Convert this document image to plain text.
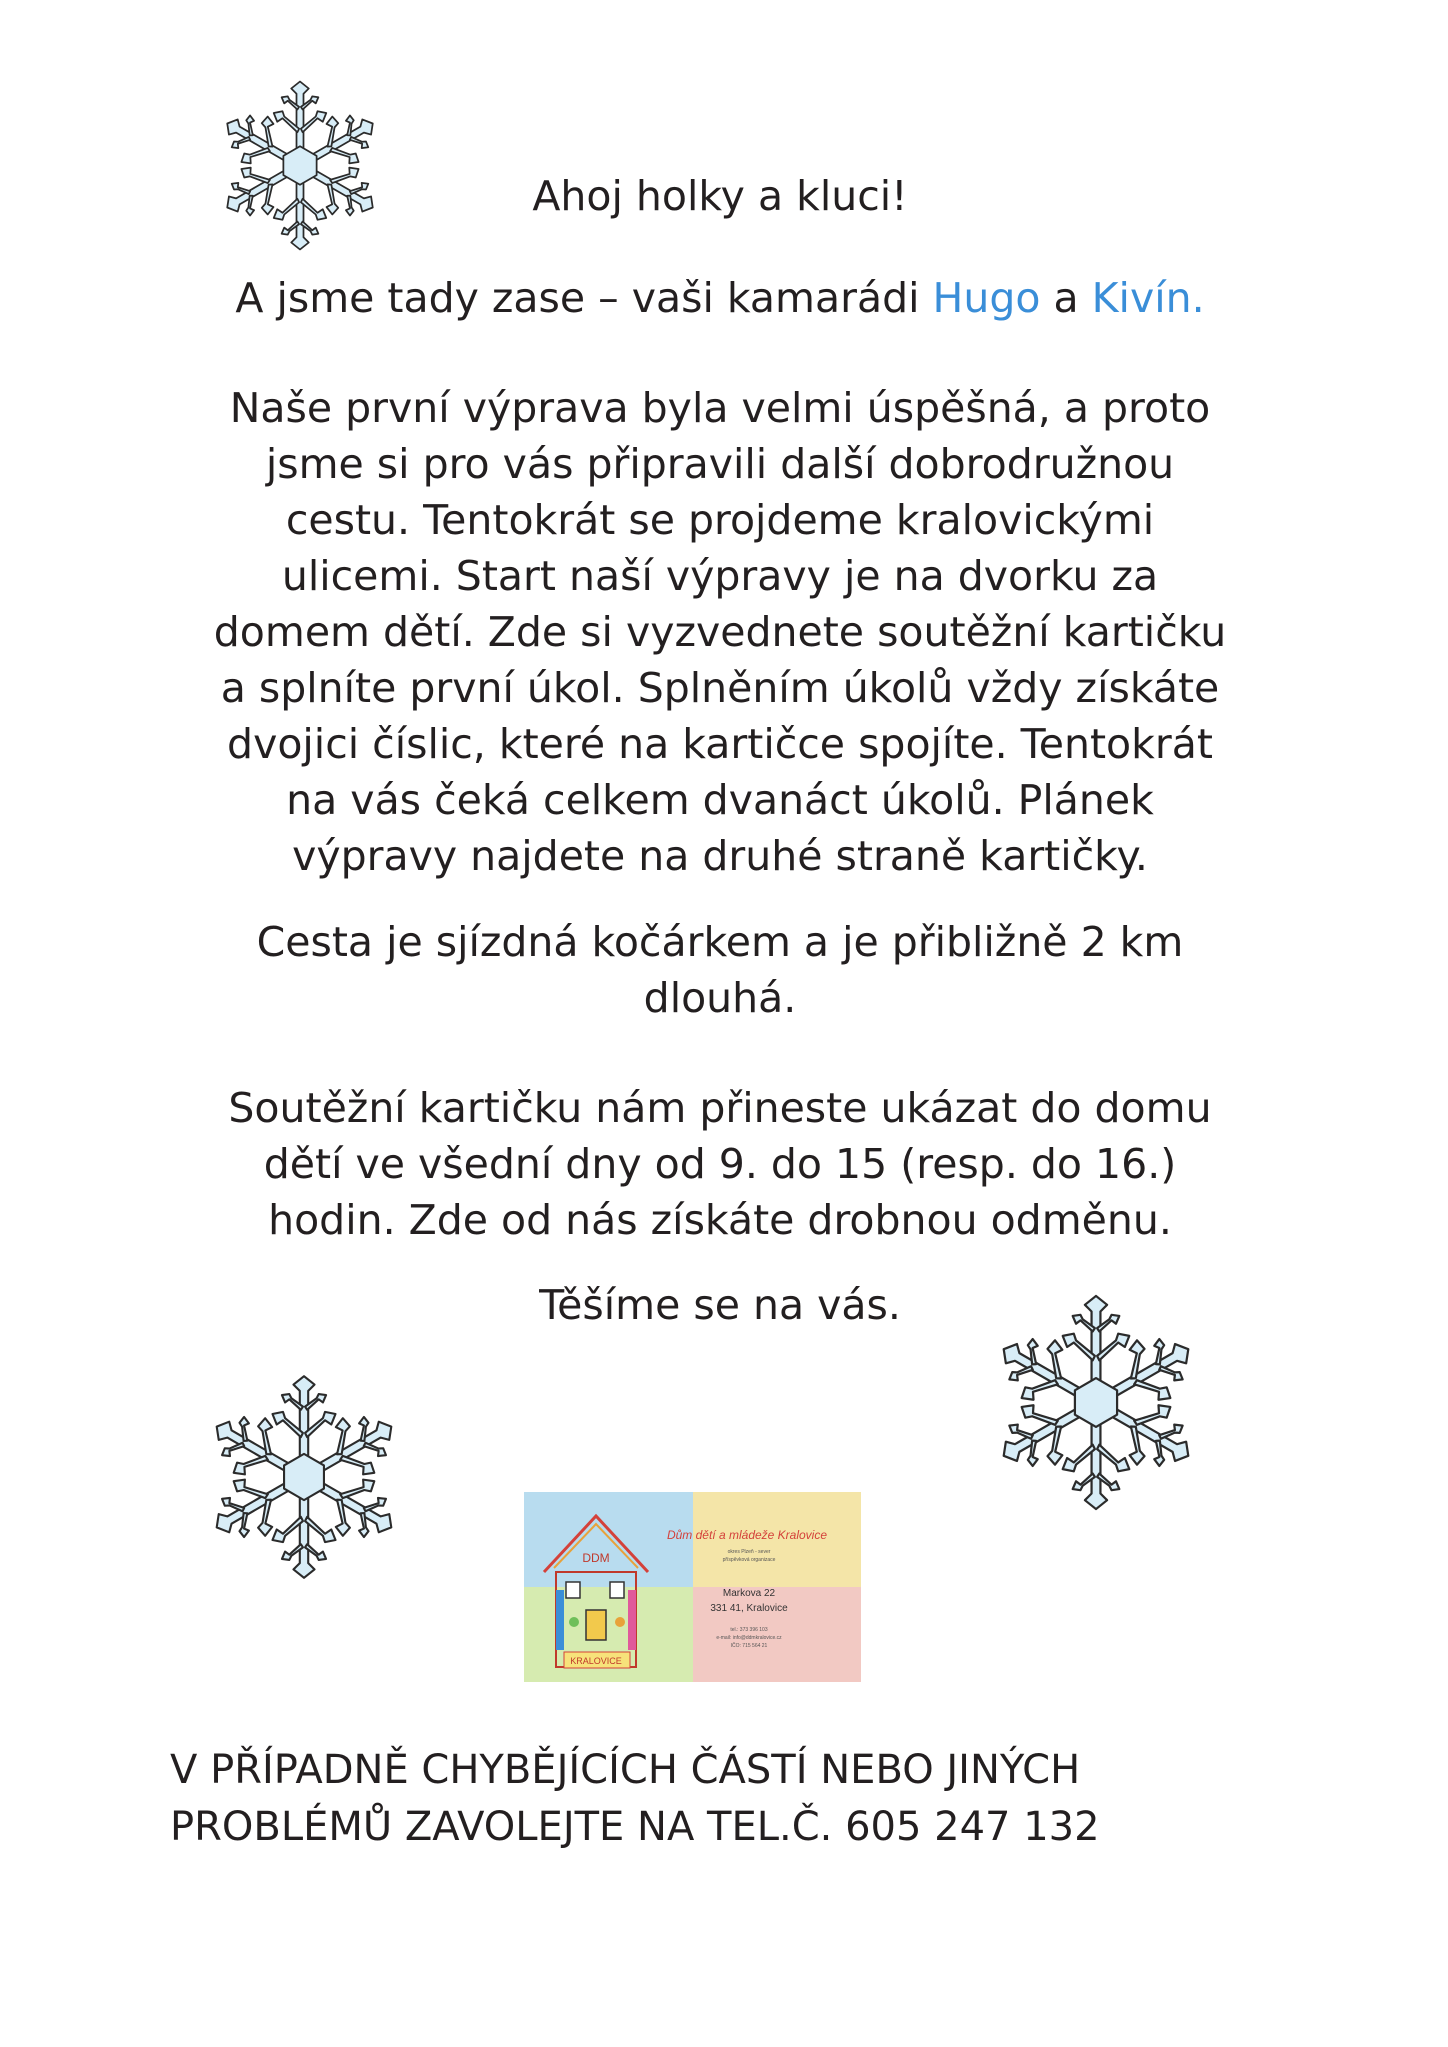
Ahoj holky a kluci!
A jsme tady zase – vaši kamarádi Hugo a Kivín.
Naše první výprava byla velmi úspěšná, a proto
jsme si pro vás připravili další dobrodružnou
cestu. Tentokrát se projdeme kralovickými
ulicemi. Start naší výpravy je na dvorku za
domem dětí. Zde si vyzvednete soutěžní kartičku
a splníte první úkol. Splněním úkolů vždy získáte
dvojici číslic, které na kartičce spojíte. Tentokrát
na vás čeká celkem dvanáct úkolů. Plánek
výpravy najdete na druhé straně kartičky.
Cesta je sjízdná kočárkem a je přibližně 2 km
dlouhá.
Soutěžní kartičku nám přineste ukázat do domu
dětí ve všední dny od 9. do 15 (resp. do 16.)
hodin. Zde od nás získáte drobnou odměnu.
Těšíme se na vás.
KRALOVICE
DDM
Dům dětí a mládeže Kralovice
okres Plzeň - sever
příspěvková organizace
Markova 22
331 41, Kralovice
tel.: 373 396 103
e-mail: info@ddmkralovice.cz
IČO: 715 564 21
V PŘÍPADNĚ CHYBĚJÍCÍCH ČÁSTÍ NEBO JINÝCH
PROBLÉMŮ ZAVOLEJTE NA TEL.Č. 605 247 132
